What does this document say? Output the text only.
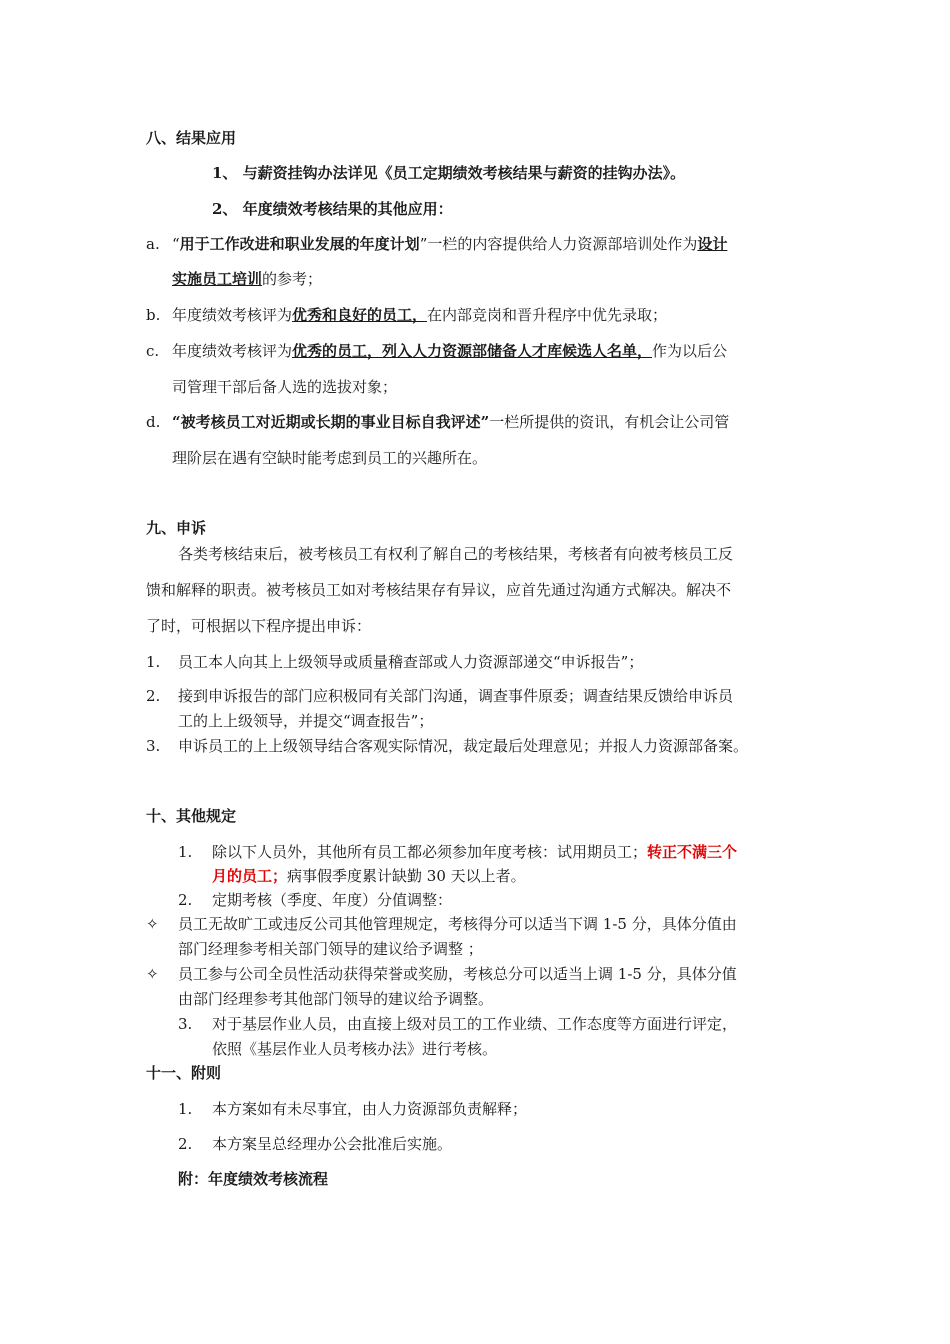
八、结果应用
1、 与薪资挂钩办法详见《员工定期绩效考核结果与薪资的挂钩办法》。
2、 年度绩效考核结果的其他应用：
a. “用于工作改进和职业发展的年度计划”一栏的内容提供给人力资源部培训处作为设计
实施员工培训的参考；
b. 年度绩效考核评为优秀和良好的员工，在内部竞岗和晋升程序中优先录取；
c. 年度绩效考核评为优秀的员工，列入人力资源部储备人才库候选人名单，作为以后公
司管理干部后备人选的选拔对象；
d. “被考核员工对近期或长期的事业目标自我评述”一栏所提供的资讯，有机会让公司管
理阶层在遇有空缺时能考虑到员工的兴趣所在。
九、申诉
各类考核结束后，被考核员工有权利了解自己的考核结果，考核者有向被考核员工反
馈和解释的职责。被考核员工如对考核结果存有异议，应首先通过沟通方式解决。解决不
了时，可根据以下程序提出申诉：
1. 员工本人向其上上级领导或质量稽查部或人力资源部递交“申诉报告”；
2. 接到申诉报告的部门应积极同有关部门沟通，调查事件原委；调查结果反馈给申诉员
工的上上级领导，并提交“调查报告”；
3. 申诉员工的上上级领导结合客观实际情况，裁定最后处理意见；并报人力资源部备案。
十、其他规定
1. 除以下人员外，其他所有员工都必须参加年度考核：试用期员工；转正不满三个
月的员工；病事假季度累计缺勤 30 天以上者。
2. 定期考核（季度、年度）分值调整：
✧ 员工无故旷工或违反公司其他管理规定，考核得分可以适当下调 1-5 分，具体分值由
部门经理参考相关部门领导的建议给予调整 ；
✧ 员工参与公司全员性活动获得荣誉或奖励，考核总分可以适当上调 1-5 分，具体分值
由部门经理参考其他部门领导的建议给予调整。
3. 对于基层作业人员，由直接上级对员工的工作业绩、工作态度等方面进行评定，
依照《基层作业人员考核办法》进行考核。
十一、附则
1. 本方案如有未尽事宜，由人力资源部负责解释；
2. 本方案呈总经理办公会批准后实施。
附：年度绩效考核流程
